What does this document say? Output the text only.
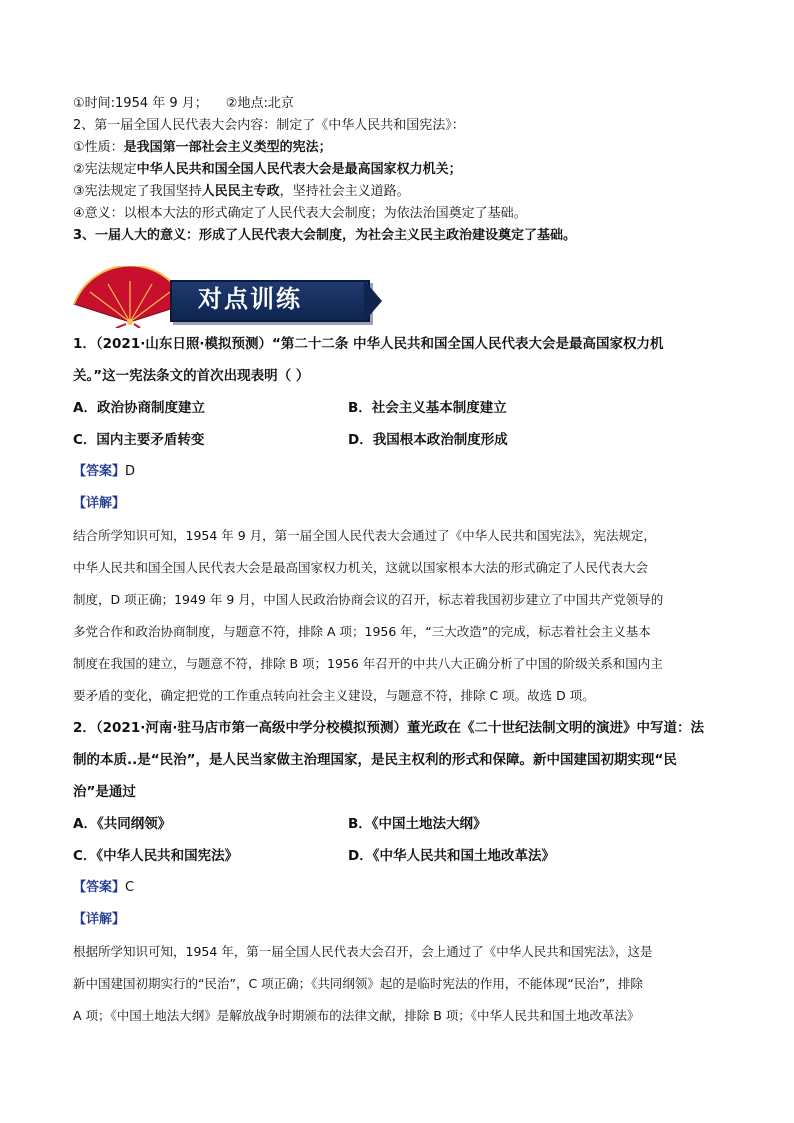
①时间:1954 年 9 月； ②地点:北京
2、第一届全国人民代表大会内容：制定了《中华人民共和国宪法》：
①性质：是我国第一部社会主义类型的宪法；
②宪法规定中华人民共和国全国人民代表大会是最高国家权力机关；
③宪法规定了我国坚持人民民主专政，坚持社会主义道路。
④意义：以根本大法的形式确定了人民代表大会制度；为依法治国奠定了基础。
3、一届人大的意义：形成了人民代表大会制度，为社会主义民主政治建设奠定了基础。
对点训练
1．（2021·山东日照·模拟预测）“第二十二条 中华人民共和国全国人民代表大会是最高国家权力机
关。”这一宪法条文的首次出现表明（ ）
A．政治协商制度建立	B．社会主义基本制度建立
C．国内主要矛盾转变	D．我国根本政治制度形成
【答案】D
【详解】
结合所学知识可知，1954 年 9 月，第一届全国人民代表大会通过了《中华人民共和国宪法》，宪法规定，
中华人民共和国全国人民代表大会是最高国家权力机关，这就以国家根本大法的形式确定了人民代表大会
制度，D 项正确；1949 年 9 月，中国人民政治协商会议的召开，标志着我国初步建立了中国共产党领导的
多党合作和政治协商制度，与题意不符，排除 A 项；1956 年，“三大改造”的完成，标志着社会主义基本
制度在我国的建立，与题意不符，排除 B 项；1956 年召开的中共八大正确分析了中国的阶级关系和国内主
要矛盾的变化，确定把党的工作重点转向社会主义建设，与题意不符，排除 C 项。故选 D 项。
2．（2021·河南·驻马店市第一高级中学分校模拟预测）董光政在《二十世纪法制文明的演进》中写道：法
制的本质..是“民治”，是人民当家做主治理国家，是民主权利的形式和保障。新中国建国初期实现“民
治”是通过
A．《共同纲领》	B．《中国土地法大纲》
C．《中华人民共和国宪法》	D．《中华人民共和国土地改革法》
【答案】C
【详解】
根据所学知识可知，1954 年，第一届全国人民代表大会召开，会上通过了《中华人民共和国宪法》，这是
新中国建国初期实行的“民治”，C 项正确；《共同纲领》起的是临时宪法的作用，不能体现“民治”，排除
A 项；《中国土地法大纲》是解放战争时期颁布的法律文献，排除 B 项；《中华人民共和国土地改革法》
